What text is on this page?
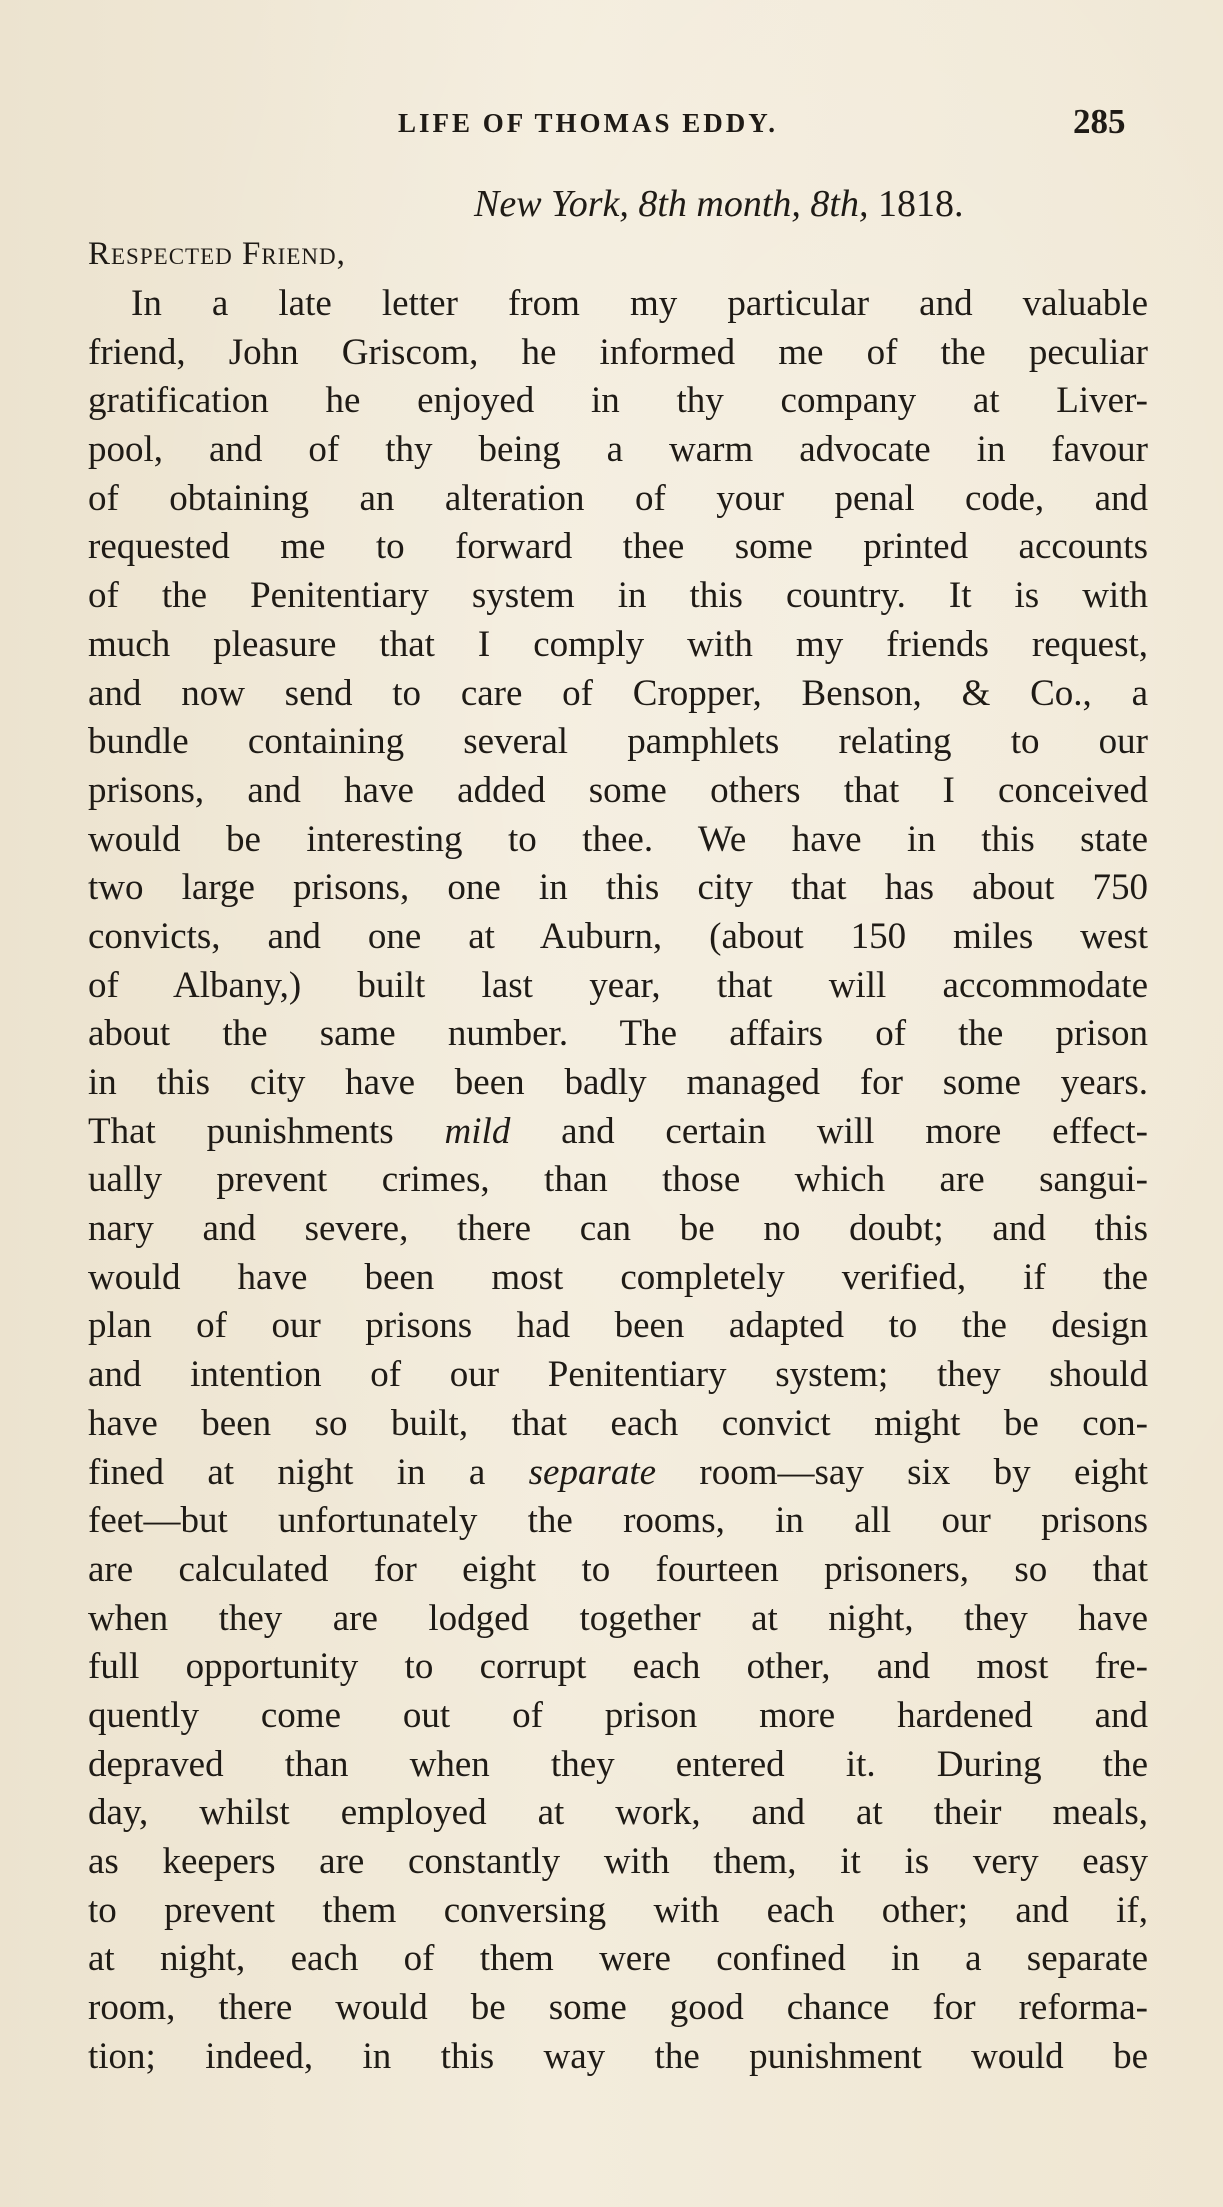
LIFE OF THOMAS EDDY.	285
New York, 8th month, 8th, 1818.
Respected Friend,
In a late letter from my particular and valuable
friend, John Griscom, he informed me of the peculiar
gratification he enjoyed in thy company at Liver-
pool, and of thy being a warm advocate in favour
of obtaining an alteration of your penal code, and
requested me to forward thee some printed accounts
of the Penitentiary system in this country. It is with
much pleasure that I comply with my friends request,
and now send to care of Cropper, Benson, & Co., a
bundle containing several pamphlets relating to our
prisons, and have added some others that I conceived
would be interesting to thee. We have in this state
two large prisons, one in this city that has about 750
convicts, and one at Auburn, (about 150 miles west
of Albany,) built last year, that will accommodate
about the same number. The affairs of the prison
in this city have been badly managed for some years.
That punishments mild and certain will more effect-
ually prevent crimes, than those which are sangui-
nary and severe, there can be no doubt; and this
would have been most completely verified, if the
plan of our prisons had been adapted to the design
and intention of our Penitentiary system; they should
have been so built, that each convict might be con-
fined at night in a separate room—say six by eight
feet—but unfortunately the rooms, in all our prisons
are calculated for eight to fourteen prisoners, so that
when they are lodged together at night, they have
full opportunity to corrupt each other, and most fre-
quently come out of prison more hardened and
depraved than when they entered it. During the
day, whilst employed at work, and at their meals,
as keepers are constantly with them, it is very easy
to prevent them conversing with each other; and if,
at night, each of them were confined in a separate
room, there would be some good chance for reforma-
tion; indeed, in this way the punishment would be
